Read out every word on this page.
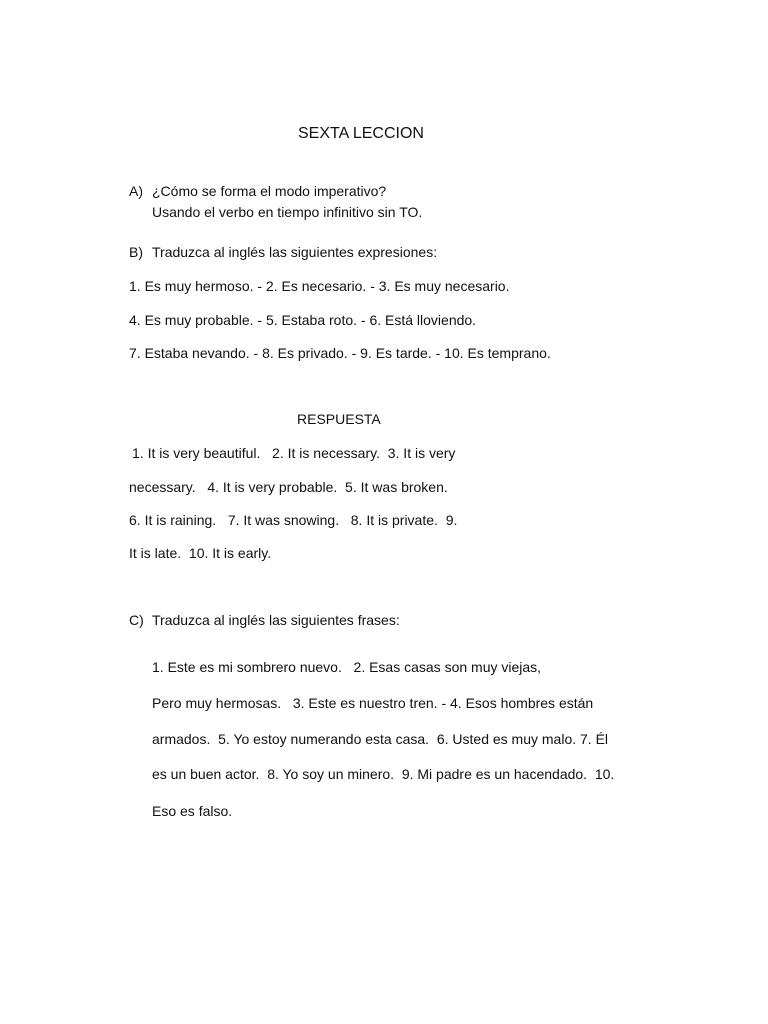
SEXTA LECCION
A) ¿Cómo se forma el modo imperativo?
Usando el verbo en tiempo infinitivo sin TO.
B) Traduzca al inglés las siguientes expresiones:
1. Es muy hermoso. - 2. Es necesario. - 3. Es muy necesario.
4. Es muy probable. - 5. Estaba roto. - 6. Está lloviendo.
7. Estaba nevando. - 8. Es privado. - 9. Es tarde. - 10. Es temprano.
RESPUESTA
1. It is very beautiful.   2. It is necessary.  3. It is very
necessary.   4. It is very probable.  5. It was broken.
6. It is raining.   7. It was snowing.   8. It is private.  9.
It is late.  10. It is early.
C) Traduzca al inglés las siguientes frases:
1. Este es mi sombrero nuevo.   2. Esas casas son muy viejas,
Pero muy hermosas.   3. Este es nuestro tren. - 4. Esos hombres están
armados.  5. Yo estoy numerando esta casa.  6. Usted es muy malo. 7. Él
es un buen actor.  8. Yo soy un minero.  9. Mi padre es un hacendado.  10.
Eso es falso.
